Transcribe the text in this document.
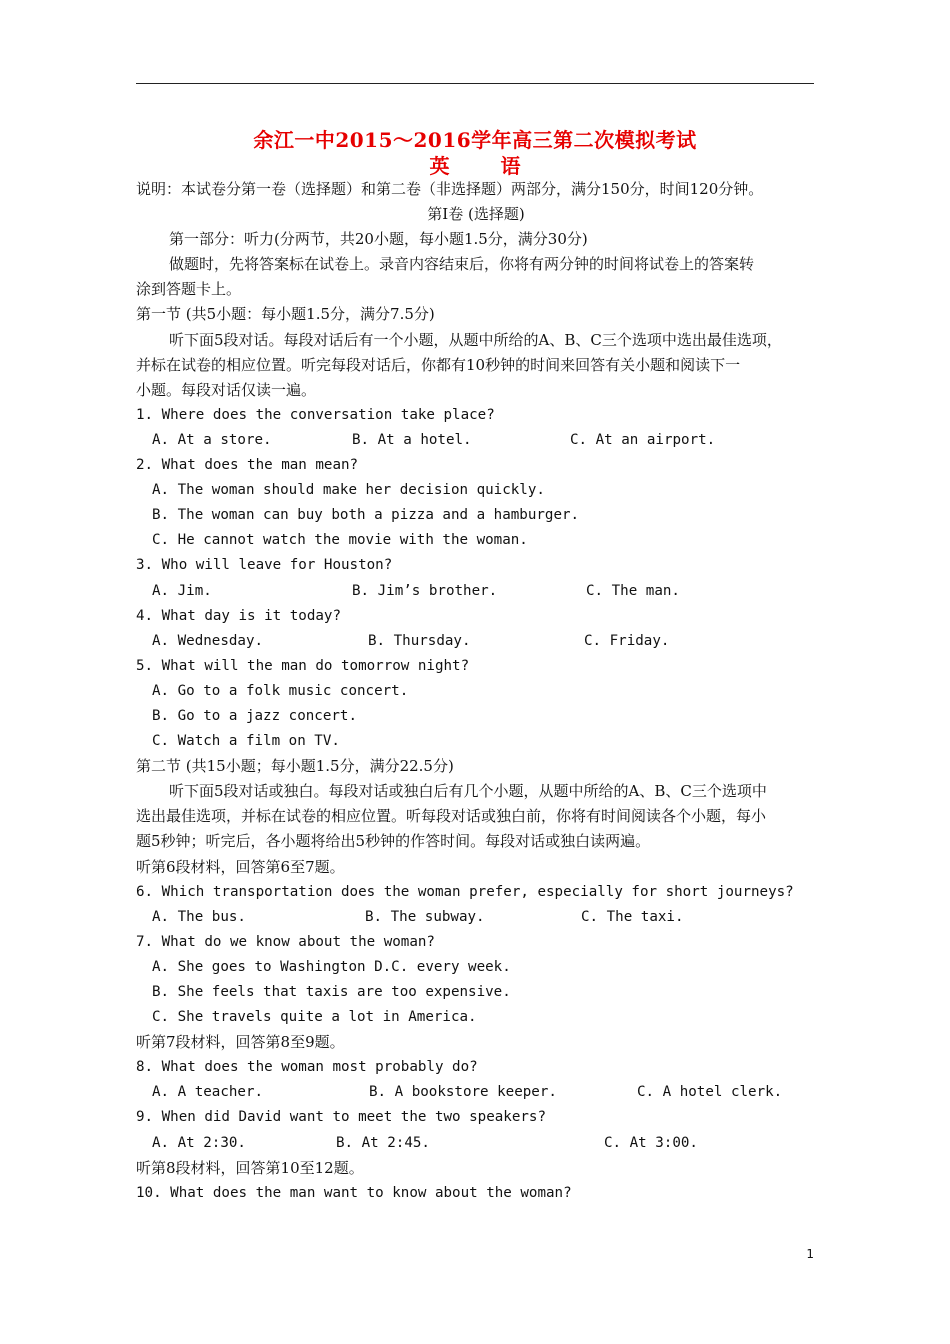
余江一中2015～2016学年高三第二次模拟考试
英 语
说明：本试卷分第一卷（选择题）和第二卷（非选择题）两部分，满分150分，时间120分钟。
第Ⅰ卷 (选择题)
第一部分：听力(分两节，共20小题，每小题1.5分，满分30分)
做题时，先将答案标在试卷上。录音内容结束后，你将有两分钟的时间将试卷上的答案转
涂到答题卡上。
第一节 (共5小题：每小题1.5分，满分7.5分)
听下面5段对话。每段对话后有一个小题，从题中所给的A、B、C三个选项中选出最佳选项，
并标在试卷的相应位置。听完每段对话后，你都有10秒钟的时间来回答有关小题和阅读下一
小题。每段对话仅读一遍。
1. Where does the conversation take place?
A. At a store.	B. At a hotel.	C. At an airport.
2. What does the man mean?
A. The woman should make her decision quickly.
B. The woman can buy both a pizza and a hamburger.
C. He cannot watch the movie with the woman.
3. Who will leave for Houston?
A. Jim.	B. Jim’s brother.	C. The man.
4. What day is it today?
A. Wednesday.	B. Thursday.	C. Friday.
5. What will the man do tomorrow night?
A. Go to a folk music concert.
B. Go to a jazz concert.
C. Watch a film on TV.
第二节 (共15小题；每小题1.5分，满分22.5分)
听下面5段对话或独白。每段对话或独白后有几个小题，从题中所给的A、B、C三个选项中
选出最佳选项，并标在试卷的相应位置。听每段对话或独白前，你将有时间阅读各个小题，每小
题5秒钟；听完后，各小题将给出5秒钟的作答时间。每段对话或独白读两遍。
听第6段材料，回答第6至7题。
6. Which transportation does the woman prefer, especially for short journeys?
A. The bus.	B. The subway.	C. The taxi.
7. What do we know about the woman?
A. She goes to Washington D.C. every week.
B. She feels that taxis are too expensive.
C. She travels quite a lot in America.
听第7段材料，回答第8至9题。
8. What does the woman most probably do?
A. A teacher.	B. A bookstore keeper.	C. A hotel clerk.
9. When did David want to meet the two speakers?
A. At 2:30.	B. At 2:45.	C. At 3:00.
听第8段材料，回答第10至12题。
10. What does the man want to know about the woman?
1
